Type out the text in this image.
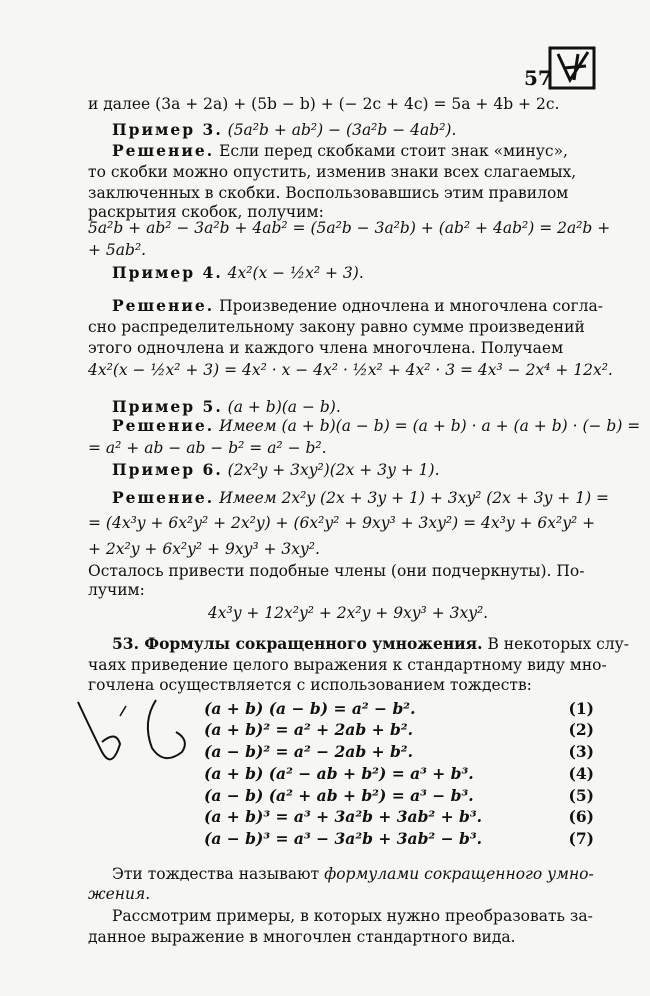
57
и далее (3a + 2a) + (5b − b) + (− 2c + 4c) = 5a + 4b + 2c.
Пример 3. (5a²b + ab²) − (3a²b − 4ab²).
Решение. Если перед скобками стоит знак «минус»,
то скобки можно опустить, изменив знаки всех слагаемых,
заключенных в скобки. Воспользовавшись этим правилом
раскрытия скобок, получим:
5a²b + ab² − 3a²b + 4ab² = (5a²b − 3a²b) + (ab² + 4ab²) = 2a²b +
+ 5ab².
Пример 4. 4x²(x − ½x² + 3).
Решение. Произведение одночлена и многочлена согла-
сно распределительному закону равно сумме произведений
этого одночлена и каждого члена многочлена. Получаем
4x²(x − ½x² + 3) = 4x² · x − 4x² · ½x² + 4x² · 3 = 4x³ − 2x⁴ + 12x².
Пример 5. (a + b)(a − b).
Решение. Имеем (a + b)(a − b) = (a + b) · a + (a + b) · (− b) =
= a² + ab − ab − b² = a² − b².
Пример 6. (2x²y + 3xy²)(2x + 3y + 1).
Решение. Имеем 2x²y (2x + 3y + 1) + 3xy² (2x + 3y + 1) =
= (4x³y + 6x²y² + 2x²y) + (6x²y² + 9xy³ + 3xy²) = 4x³y + 6x²y² +
+ 2x²y + 6x²y² + 9xy³ + 3xy².
Осталось привести подобные члены (они подчеркнуты). По-
лучим:
4x³y + 12x²y² + 2x²y + 9xy³ + 3xy².
53. Формулы сокращенного умножения. В некоторых слу-
чаях приведение целого выражения к стандартному виду мно-
гочлена осуществляется с использованием тождеств:
(a + b) (a − b) = a² − b².	(1)
(a + b)² = a² + 2ab + b².	(2)
(a − b)² = a² − 2ab + b².	(3)
(a + b) (a² − ab + b²) = a³ + b³.	(4)
(a − b) (a² + ab + b²) = a³ − b³.	(5)
(a + b)³ = a³ + 3a²b + 3ab² + b³.	(6)
(a − b)³ = a³ − 3a²b + 3ab² − b³.	(7)
Эти тождества называют формулами сокращенного умно-
жения.
Рассмотрим примеры, в которых нужно преобразовать за-
данное выражение в многочлен стандартного вида.
